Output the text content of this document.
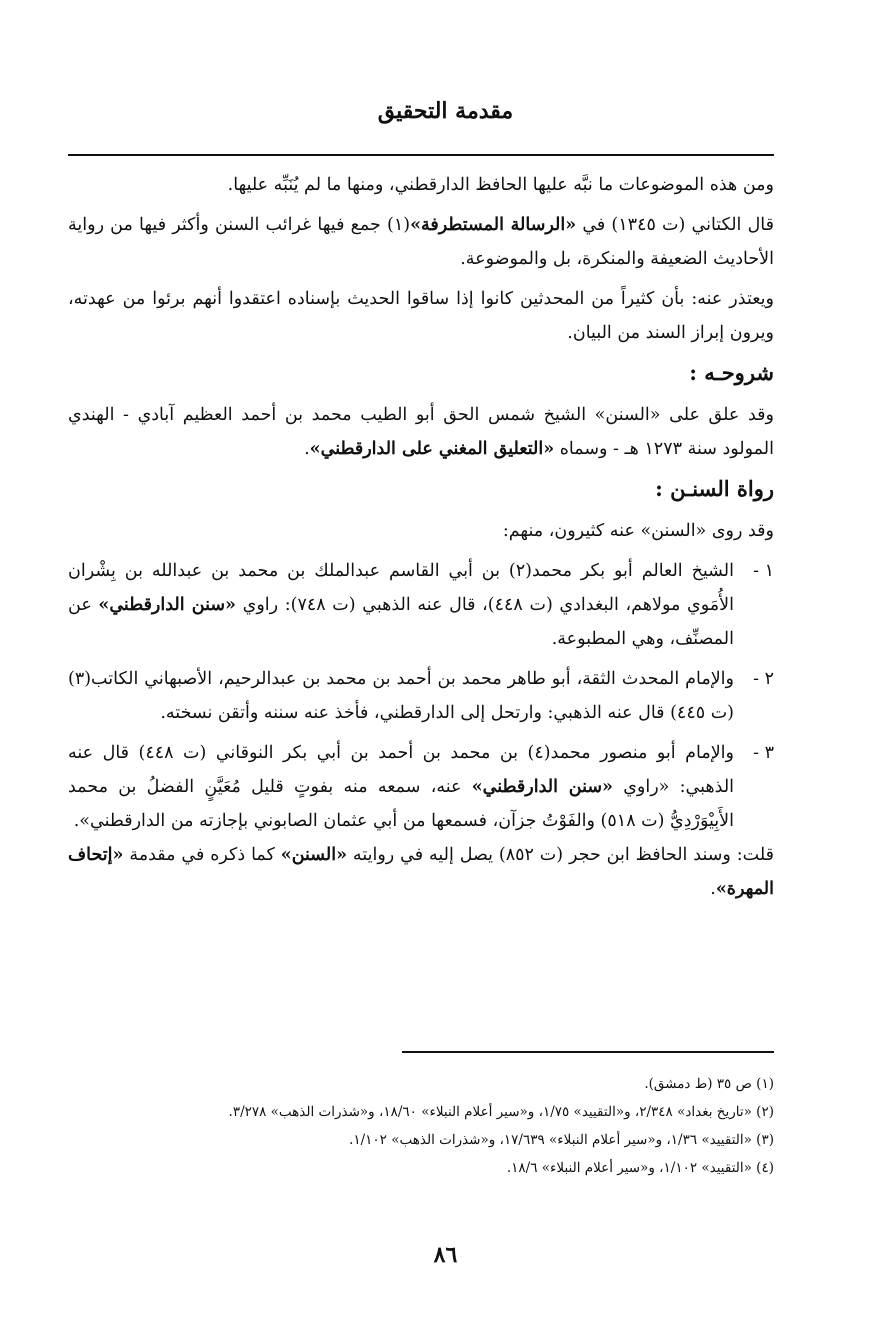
مقدمة التحقيق

ومن هذه الموضوعات ما نبَّه عليها الحافظ الدارقطني، ومنها ما لم يُنَبِّه عليها.

قال الكتاني (ت ١٣٤٥) في «الرسالة المستطرفة»(١) جمع فيها غرائب السنن وأكثر فيها من رواية الأحاديث الضعيفة والمنكرة، بل والموضوعة.

ويعتذر عنه: بأن كثيراً من المحدثين كانوا إذا ساقوا الحديث بإسناده اعتقدوا أنهم برئوا من عهدته، ويرون إبراز السند من البيان.

شروحـه :

وقد علق على «السنن» الشيخ شمس الحق أبو الطيب محمد بن أحمد العظيم آبادي - الهندي المولود سنة ١٢٧٣ هـ - وسماه «التعليق المغني على الدارقطني».

رواة السنـن :

وقد روى «السنن» عنه كثيرون، منهم:

١ -
الشيخ العالم أبو بكر محمد(٢) بن أبي القاسم عبدالملك بن محمد بن عبدالله بن بِشْران الأُمَوي مولاهم، البغدادي (ت ٤٤٨)، قال عنه الذهبي (ت ٧٤٨): راوي «سنن الدارقطني» عن المصنِّف، وهي المطبوعة.
٢ -
والإمام المحدث الثقة، أبو طاهر محمد بن أحمد بن محمد بن عبدالرحيم، الأصبهاني الكاتب(٣) (ت ٤٤٥) قال عنه الذهبي: وارتحل إلى الدارقطني، فأخذ عنه سننه وأتقن نسخته.
٣ -
والإمام أبو منصور محمد(٤) بن محمد بن أحمد بن أبي بكر النوقاني (ت ٤٤٨) قال عنه الذهبي: «راوي «سنن الدارقطني» عنه، سمعه منه بفوتٍ قليل مُعَيَّنٍ الفضلُ بن محمد الأَبِيْوَرْدِيُّ (ت ٥١٨) والفَوْتُ جزآن، فسمعها من أبي عثمان الصابوني بإجازته من الدارقطني».

قلت: وسند الحافظ ابن حجر (ت ٨٥٢) يصل إليه في روايته «السنن» كما ذكره في مقدمة «إتحاف المهرة».

(١) ص ٣٥ (ط دمشق).

(٢) «تاريخ بغداد» ٢/٣٤٨، و«التقييد» ١/٧٥، و«سير أعلام النبلاء» ١٨/٦٠، و«شذرات الذهب» ٣/٢٧٨.

(٣) «التقييد» ١/٣٦، و«سير أعلام النبلاء» ١٧/٦٣٩، و«شذرات الذهب» ١/١٠٢.

(٤) «التقييد» ١/١٠٢، و«سير أعلام النبلاء» ١٨/٦.

٨٦
